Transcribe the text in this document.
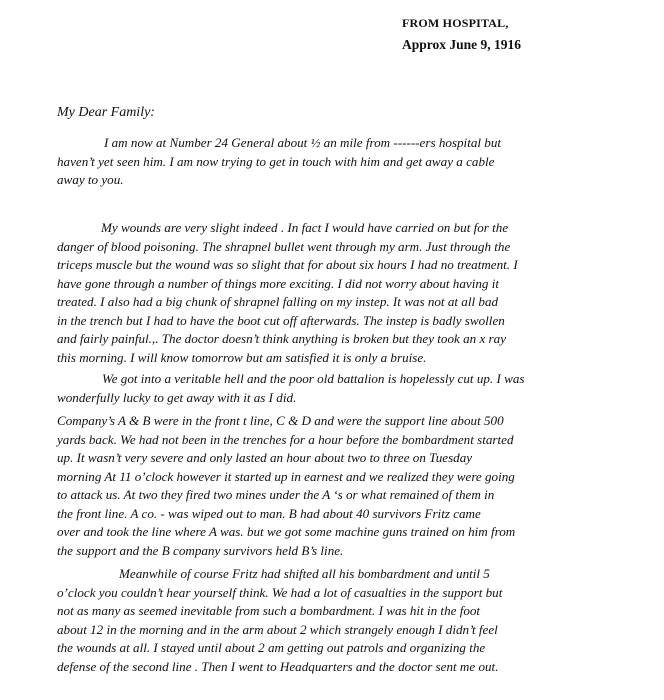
FROM HOSPITAL,
Approx June 9, 1916
My Dear Family:
I am now at Number 24 General about ½ an mile from ------ers hospital but
haven’t yet seen him. I am now trying to get in touch with him and get away a cable
away to you.
My wounds are very slight indeed . In fact I would have carried on but for the
danger of blood poisoning. The shrapnel bullet went through my arm. Just through the
triceps muscle but the wound was so slight that for about six hours I had no treatment. I
have gone through a number of things more exciting. I did not worry about having it
treated. I also had a big chunk of shrapnel falling on my instep. It was not at all bad
in the trench but I had to have the boot cut off afterwards. The instep is badly swollen
and fairly painful.,. The doctor doesn’t think anything is broken but they took an x ray
this morning. I will know tomorrow but am satisfied it is only a bruise.
We got into a veritable hell and the poor old battalion is hopelessly cut up. I was
wonderfully lucky to get away with it as I did.
Company’s A & B were in the front t line, C & D and were the support line about 500
yards back. We had not been in the trenches for a hour before the bombardment started
up. It wasn’t very severe and only lasted an hour about two to three on Tuesday
morning At 11 o’clock however it started up in earnest and we realized they were going
to attack us. At two they fired two mines under the A ‘s or what remained of them in
the front line. A co. - was wiped out to man. B had about 40 survivors Fritz came
over and took the line where A was. but we got some machine guns trained on him from
the support and the B company survivors held B’s line.
Meanwhile of course Fritz had shifted all his bombardment and until 5
o’clock you couldn’t hear yourself think. We had a lot of casualties in the support but
not as many as seemed inevitable from such a bombardment. I was hit in the foot
about 12 in the morning and in the arm about 2 which strangely enough I didn’t feel
the wounds at all. I stayed until about 2 am getting out patrols and organizing the
defense of the second line . Then I went to Headquarters and the doctor sent me out.
